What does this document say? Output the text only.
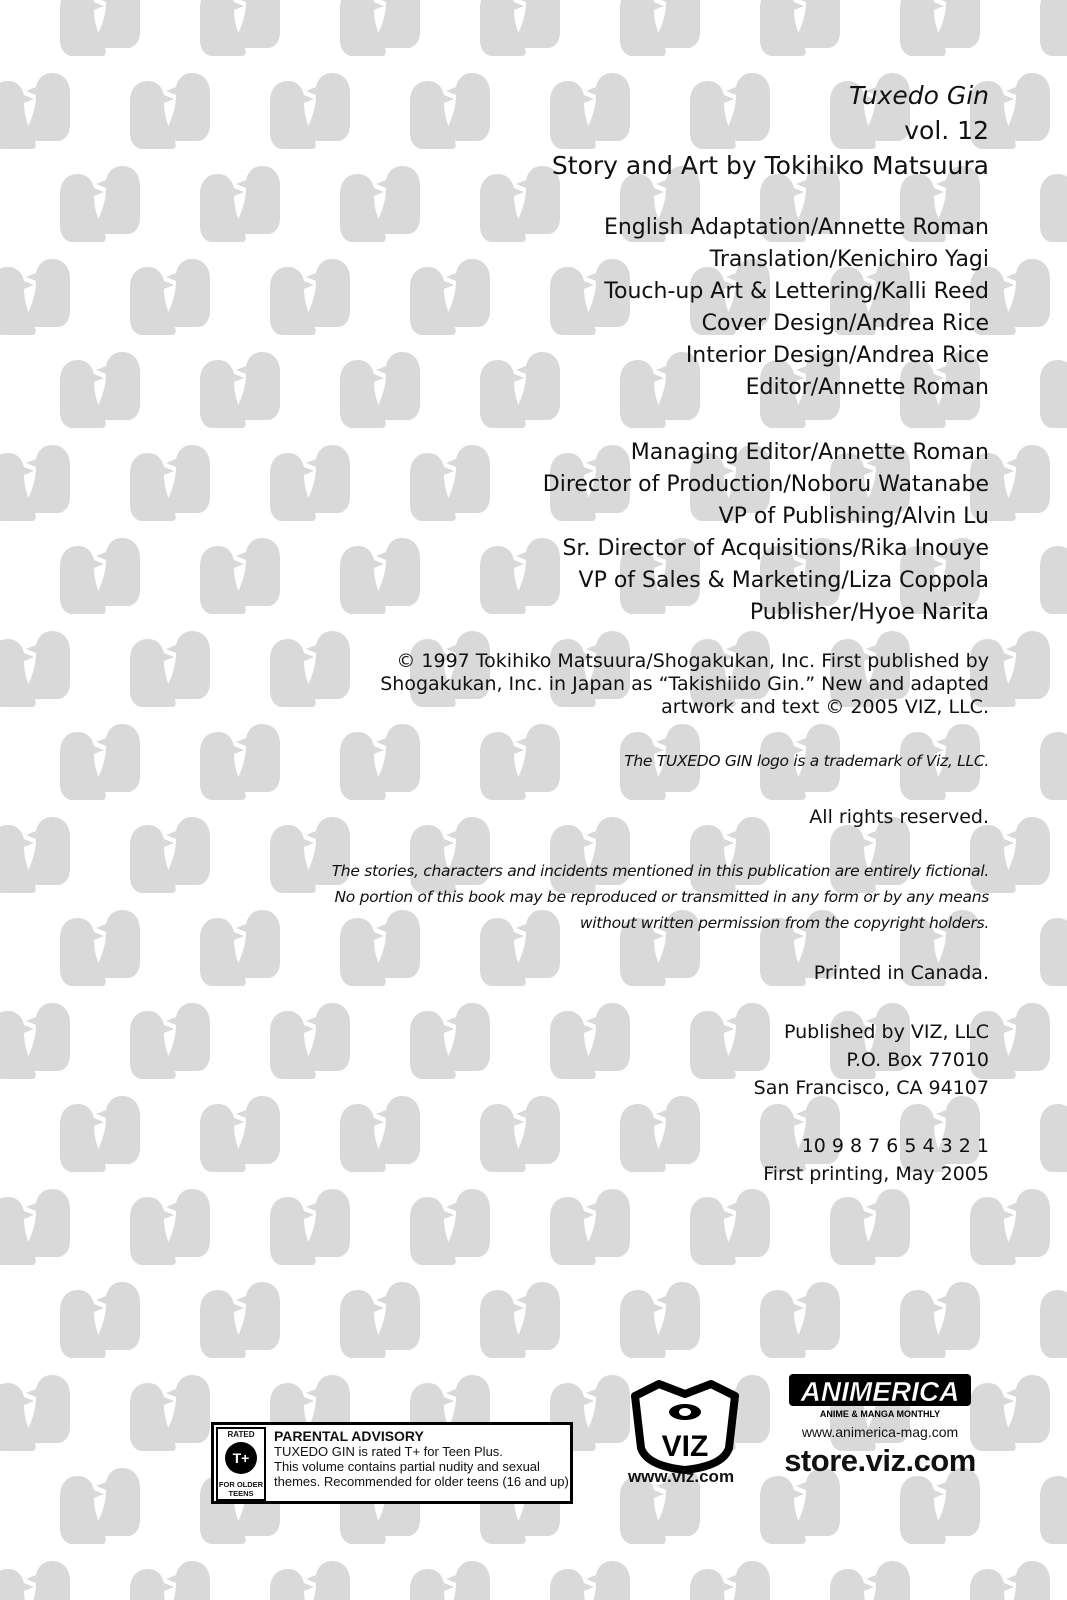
Tuxedo Gin
vol. 12
Story and Art by Tokihiko Matsuura
English Adaptation/Annette Roman
Translation/Kenichiro Yagi
Touch-up Art & Lettering/Kalli Reed
Cover Design/Andrea Rice
Interior Design/Andrea Rice
Editor/Annette Roman
Managing Editor/Annette Roman
Director of Production/Noboru Watanabe
VP of Publishing/Alvin Lu
Sr. Director of Acquisitions/Rika Inouye
VP of Sales & Marketing/Liza Coppola
Publisher/Hyoe Narita
© 1997 Tokihiko Matsuura/Shogakukan, Inc. First published by
Shogakukan, Inc. in Japan as “Takishiido Gin.” New and adapted
artwork and text © 2005 VIZ, LLC.
The TUXEDO GIN logo is a trademark of Viz, LLC.
All rights reserved.
The stories, characters and incidents mentioned in this publication are entirely fictional.
No portion of this book may be reproduced or transmitted in any form or by any means
without written permission from the copyright holders.
Printed in Canada.
Published by VIZ, LLC
P.O. Box 77010
San Francisco, CA 94107
10 9 8 7 6 5 4 3 2 1
First printing, May 2005
RATED
T+
FOR OLDER
TEENS
PARENTAL ADVISORY
TUXEDO GIN is rated T+ for Teen Plus.
This volume contains partial nudity and sexual
themes. Recommended for older teens (16 and up).
VIZ
www.viz.com
ANIMERICA
ANIME & MANGA MONTHLY
www.animerica-mag.com
store.viz.com
